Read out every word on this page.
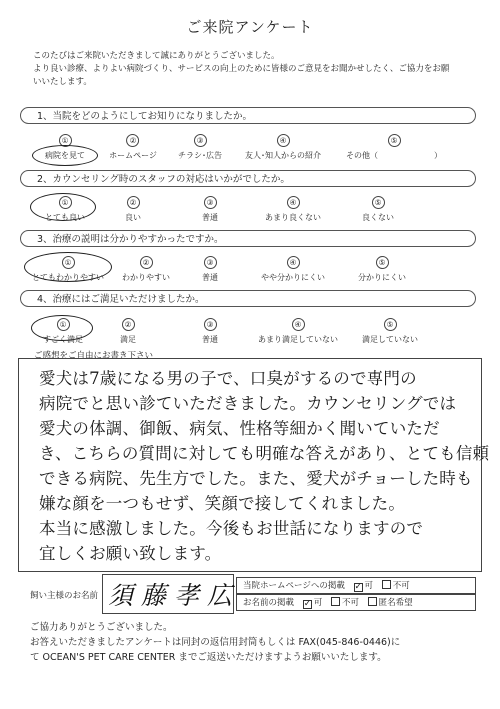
ご来院アンケート
このたびはご来院いただきまして誠にありがとうございました。
より良い診療、よりよい病院づくり、サービスの向上のために皆様のご意見をお聞かせしたく、ご協力をお願
いいたします。
1、当院をどのようにしてお知りになりましたか。
①
病院を見て
②
ホームページ
③
チラシ･広告
④
友人･知人からの紹介
⑤
その他（　　　　　　　）
2、カウンセリング時のスタッフの対応はいかがでしたか。
①
とても良い
②
良い
③
普通
④
あまり良くない
⑤
良くない
3、治療の説明は分かりやすかったですか。
①
とてもわかりやすい
②
わかりやすい
③
普通
④
やや分かりにくい
⑤
分かりにくい
4、治療にはご満足いただけましたか。
①
すごく満足
②
満足
③
普通
④
あまり満足していない
⑤
満足していない
ご感想をご自由にお書き下さい
愛犬は7歳になる男の子で、口臭がするので専門の
病院でと思い診ていただきました。カウンセリングでは
愛犬の体調、御飯、病気、性格等細かく聞いていただ
き、こちらの質問に対しても明確な答えがあり、とても信頼
できる病院、先生方でした。また、愛犬がチョーした時も
嫌な顔を一つもせず、笑顔で接してくれました。
本当に感激しました。今後もお世話になりますので
宜しくお願い致します。
飼い主様のお名前 須藤孝広 当院ホームページへの掲載 ✓ 可 不可
お名前の掲載 ✓ 可 不可 匿名希望
ご協力ありがとうございました。
お答えいただきましたアンケートは同封の返信用封筒もしくは FAX(045-846-0446)に
て OCEAN'S PET CARE CENTER までご返送いただけますようお願いいたします。
